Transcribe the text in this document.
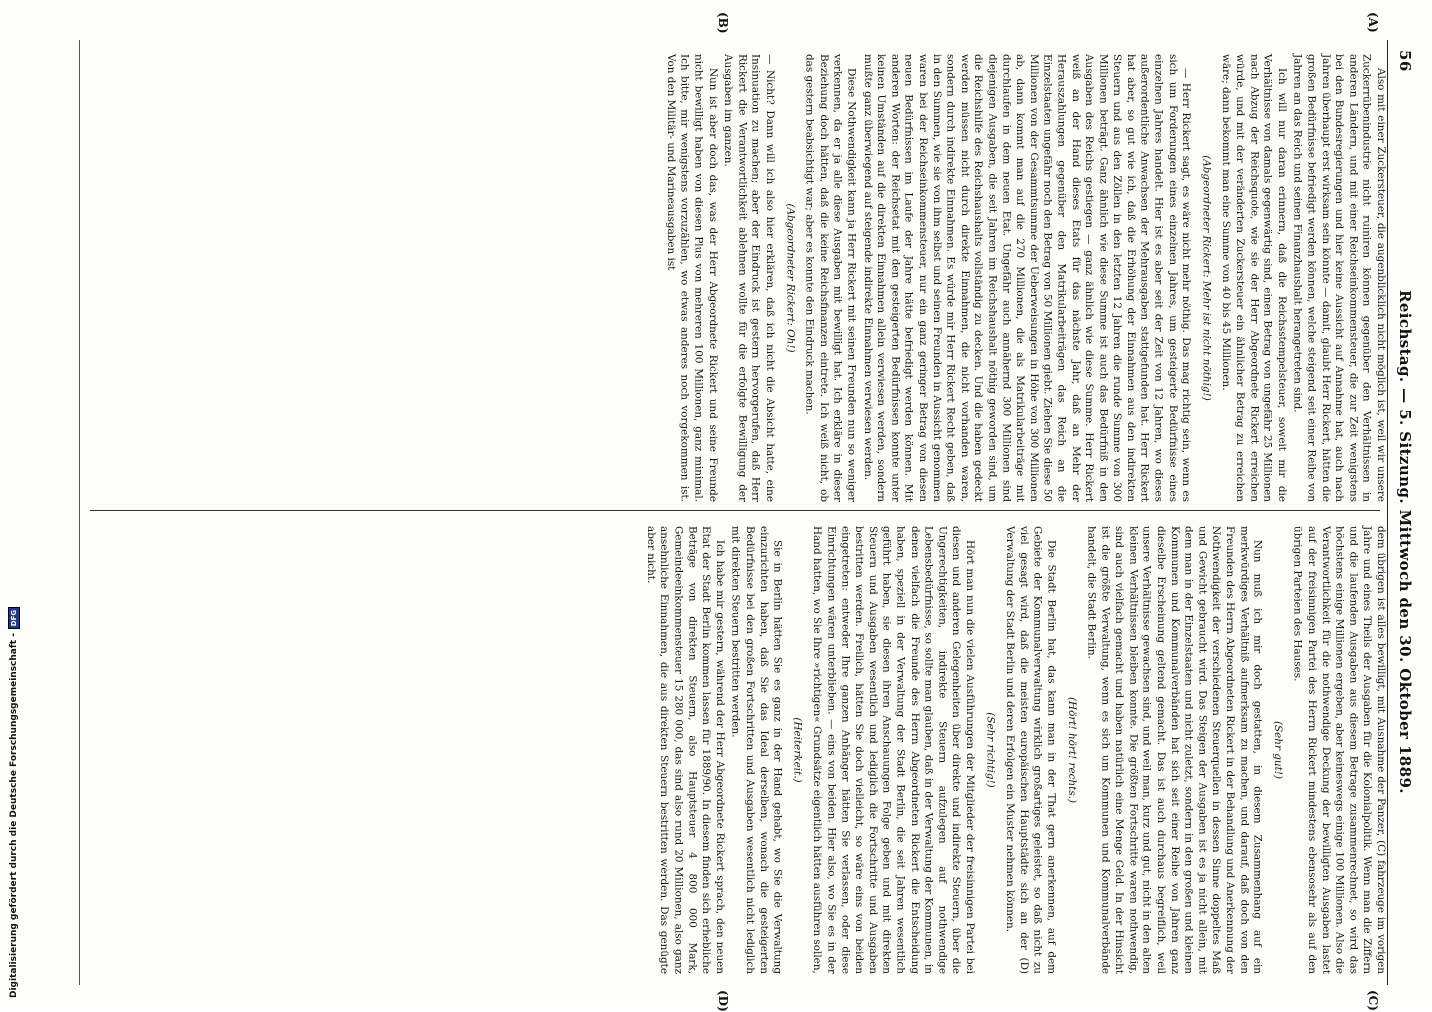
56
Reichstag. — 5. Sitzung. Mittwoch den 30. Oktober 1889.
(A)
(B)
(C)
(D)

Also mit einer Zuckersteuer, die augenblicklich nicht möglich ist, weil wir unsere Zuckerrübenindustrie nicht ruiniren können gegenüber den Verhältnissen in anderen Ländern, und mit einer Reichseinkommensteuer, die zur Zeit wenigstens bei den Bundesregierungen und hier keine Aussicht auf Annahme hat, auch nach Jahren überhaupt erst wirksam sein könnte — damit, glaubt Herr Rickert, hätten die großen Bedürfnisse befriedigt werden können, welche steigend seit einer Reihe von Jahren an das Reich und seinen Finanzhaushalt herangetreten sind.

Ich will nur daran erinnern, daß die Reichsstempelsteuer, soweit mir die Verhältnisse von damals gegenwärtig sind, einen Betrag von ungefähr 25 Millionen nach Abzug der Reichsquote, wie sie der Herr Abgeordnete Rickert erreichen würde, und mit der veränderten Zuckersteuer ein ähnlicher Betrag zu erreichen wäre; dann bekommt man eine Summe von 40 bis 45 Millionen.

(Abgeordneter Rickert: Mehr ist nicht nöthig!)

— Herr Rickert sagt, es wäre nicht mehr nöthig. Das mag richtig sein, wenn es sich um Forderungen eines einzelnen Jahres, um gesteigerte Bedürfnisse eines einzelnen Jahres handelt. Hier ist es aber seit der Zeit von 12 Jahren, wo dieses außerordentliche Anwachsen der Mehrausgaben stattgefunden hat. Herr Rickert hat aber, so gut wie ich, daß die Erhöhung der Einnahmen aus den indirekten Steuern und aus den Zöllen in den letzten 12 Jahren die runde Summe von 300 Millionen beträgt. Ganz ähnlich wie diese Summe ist auch das Bedürfniß in den Ausgaben des Reichs gestiegen — ganz ähnlich wie diese Summe. Herr Rickert weiß an der Hand dieses Etats für das nächste Jahr, daß an Mehr der Herauszahlungen gegenüber den Matrikularbeiträgen das Reich an die Einzelstaaten ungefähr noch den Betrag von 50 Millionen giebt. Ziehen Sie diese 50 Millionen von der Gesammtsumme der Ueberweisungen in Höhe von 300 Millionen ab, dann kommt man auf die 270 Millionen, die als Matrikularbeiträge mit durchlaufen in dem neuen Etat. Ungefähr auch annähernd 300 Millionen sind diejenigen Ausgaben, die seit Jahren im Reichshaushalt nöthig geworden sind, um die Reichshilfe des Reichshaushalts vollständig zu decken. Und die haben gedeckt werden müssen nicht durch direkte Einnahmen, die nicht vorhanden waren, sondern durch indirekte Einnahmen. Es würde mir Herr Rickert Recht geben, daß in den Summen, wie sie von ihm selbst und seinen Freunden in Aussicht genommen waren bei der Reichseinkommensteuer, nur ein ganz geringer Betrag von diesen neuen Bedürfnissen im Laufe der Jahre hätte befriedigt werden können. Mit anderen Worten: der Reichsetat mit den gesteigerten Bedürfnissen konnte unter keinen Umständen auf die direkten Einnahmen allein verwiesen werden, sondern mußte ganz überwiegend auf steigende indirekte Einnahmen verwiesen werden.

Diese Nothwendigkeit kann ja Herr Rickert mit seinen Freunden nun so weniger verkennen, da er ja alle diese Ausgaben mit bewilligt hat. Ich erkläre in dieser Beziehung doch hätten, daß die keine Reichsfinanzen eintrete. Ich weiß nicht, ob das gestern beabsichtigt war; aber es konnte den Eindruck machen.

(Abgeordneter Rickert: Oh!)

— Nicht? Dann will ich also hier erklären, daß ich nicht die Absicht hatte, eine Insinuation zu machen; aber der Eindruck ist gestern hervorgerufen, daß Herr Rickert die Verantwortlichkeit ablehnen wollte für die erfolgte Bewilligung der Ausgaben im ganzen.

Nun ist aber doch das, was der Herr Abgeordnete Rickert und seine Freunde nicht bewilligt haben von diesen Plus von mehreren 100 Millionen, ganz minimal. Ich bitte, mir wenigstens vorzuzählen, wo etwas anderes noch vorgekommen ist. Von den Militär- und Marineausgaben ist

dem übrigen ist alles bewilligt, mit Ausnahme der Panzer, (C) fahrzeuge im vorigen Jahre und eines Theils der Ausgaben für die Kolonialpolitik. Wenn man die Ziffern und die laufenden Ausgaben aus diesem Betrage zusammenrechnet, so wird das höchstens einige Millionen ergeben, aber keineswegs einige 100 Millionen. Also die Verantwortlichkeit für die nothwendige Deckung der bewilligten Ausgaben lastet auf der freisinnigen Partei des Herrn Rickert mindestens ebensosehr als auf den übrigen Parteien des Hauses.

(Sehr gut!)

Nun muß ich mir doch gestatten, in diesem Zusammenhang auf ein merkwürdiges Verhältniß aufmerksam zu machen, und darauf, daß doch von den Freunden des Herrn Abgeordneten Rickert in der Behandlung und Anerkennung der Nothwendigkeit der verschiedenen Steuerquellen in dessen Sinne doppeltes Maß und Gewicht gebraucht wird. Das Steigen der Ausgaben ist es ja nicht allein, mit dem man in der Einzelstaaten und nicht zuletzt, sondern in den großen und kleinen Kommunen und Kommunalverbänden hat sich seit einer Reihe von Jahren ganz dieselbe Erscheinung geltend gemacht. Das ist auch durchaus begreiflich, weil unsere Verhältnisse gewachsen sind, und weil man, kurz und gut, nicht in den alten kleinen Verhältnissen bleiben konnte. Die größten Fortschritte waren nothwendig, sind auch vielfach gemacht und haben natürlich eine Menge Geld. In der Hinsicht ist die größte Verwaltung, wenn es sich um Kommunen und Kommunalverbände handelt, die Stadt Berlin.

(Hört! hört! rechts.)

Die Stadt Berlin hat, das kann man in der That gern anerkennen, auf dem Gebiete der Kommunalverwaltung wirklich großartiges geleistet, so daß nicht zu viel gesagt wird, daß die meisten europäischen Hauptstädte sich an der (D) Verwaltung der Stadt Berlin und deren Erfolgen ein Muster nehmen können.

(Sehr richtig!)

Hört man nun die vielen Ausführungen der Mitglieder der freisinnigen Partei bei diesen und anderen Gelegenheiten über direkte und indirekte Steuern, über die Ungerechtigkeiten, indirekte Steuern aufzulegen auf nothwendige Lebensbedürfnisse, so sollte man glauben, daß in der Verwaltung der Kommunen, in denen vielfach die Freunde des Herrn Abgeordneten Rickert die Entscheidung haben, speziell in der Verwaltung der Stadt Berlin, die seit Jahren wesentlich geführt haben, sie diesen ihren Anschauungen Folge geben und mit direkten Steuern und Ausgaben wesentlich und lediglich die Fortschritte und Ausgaben bestritten werden. Freilich, hätten Sie doch vielleicht, so wäre eins von beiden eingetreten: entweder Ihre ganzen Anhänger hätten Sie verlassen, oder diese Einrichtungen wären unterblieben. — eins von beiden. Hier also, wo Sie es in der Hand hatten, wo Sie Ihre »richtigen« Grundsätze eigentlich hätten ausführen sollen,

(Heiterkeit.)

Sie in Berlin hätten Sie es ganz in der Hand gehabt, wo Sie die Verwaltung einzurichten haben, daß Sie das Ideal derselben, wonach die gesteigerten Bedürfnisse bei den großen Fortschritten und Ausgaben wesentlich nicht lediglich mit direkten Steuern bestritten werden.

Ich habe mir gestern, während der Herr Abgeordnete Rickert sprach, den neuen Etat der Stadt Berlin kommen lassen für 1889/90. In diesem finden sich erhebliche Beträge von direkten Steuern, also Hauptsteuer 4 800 000 Mark, Gemeindeeinkommensteuer 15 280 000, das sind also rund 20 Millionen, also ganz ansehnliche Einnahmen, die aus direkten Steuern bestritten werden. Das genügte aber nicht.

Digitalisierung gefördert durch die Deutsche Forschungsgemeinschaft -
DFG
